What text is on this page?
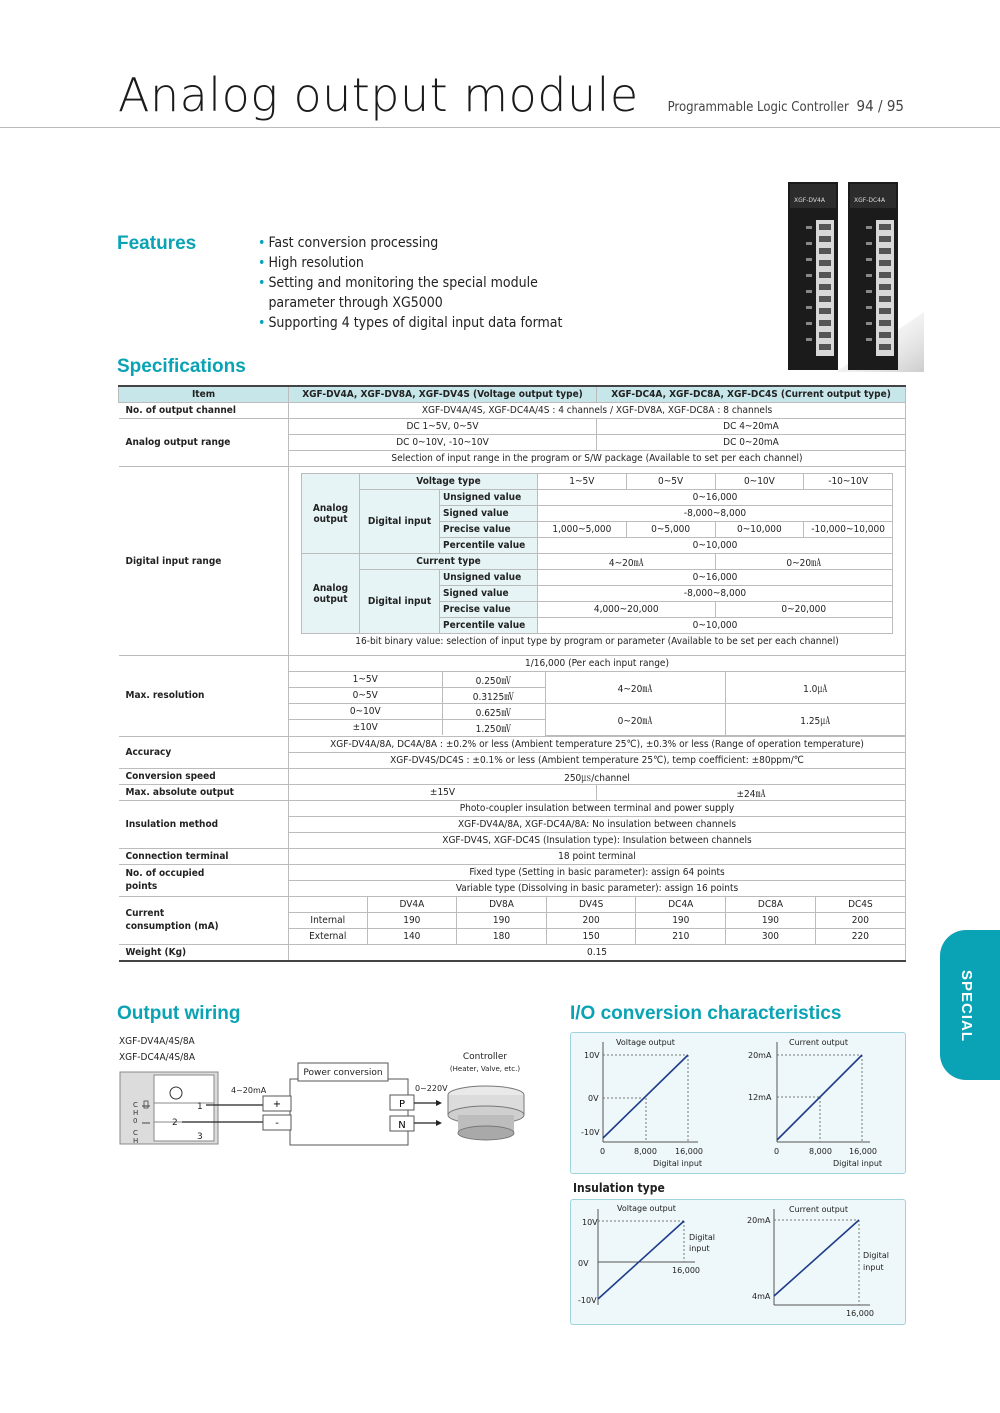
Analog output module Programmable Logic Controller 94 / 95
Features	• Fast conversion processing
• High resolution
• Setting and monitoring the special module
parameter through XG5000
• Supporting 4 types of digital input data format
XGF-DV4A	XGF-DC4A
Specifications
Item	XGF-DV4A, XGF-DV8A, XGF-DV4S (Voltage output type)	XGF-DC4A, XGF-DC8A, XGF-DC4S (Current output type)
No. of output channel	XGF-DV4A/4S, XGF-DC4A/4S : 4 channels / XGF-DV8A, XGF-DC8A : 8 channels
Analog output range	DC 1~5V, 0~5V	DC 4~20mA
DC 0~10V, -10~10V	DC 0~20mA
Selection of input range in the program or S/W package (Available to set per each channel)
Digital input range	
Analog output	Voltage type	1~5V	0~5V	0~10V	-10~10V
Digital input	Unsigned value	0~16,000
Signed value	-8,000~8,000
Precise value	1,000~5,000	0~5,000	0~10,000	-10,000~10,000
Percentile value	0~10,000
Analog output	Current type	4~20㎃	0~20㎃
Digital input	Unsigned value	0~16,000
Signed value	-8,000~8,000
Precise value	4,000~20,000	0~20,000
Percentile value	0~10,000
16-bit binary value: selection of input type by program or parameter (Available to be set per each channel)

Max. resolution	
1/16,000 (Per each input range)
1~5V	0.250㎷	4~20㎃	1.0㎂
0~5V	0.3125㎷
0~10V	0.625㎷	0~20㎃	1.25㎂
±10V	1.250㎷

Accuracy	XGF-DV4A/8A, DC4A/8A : ±0.2% or less (Ambient temperature 25℃), ±0.3% or less (Range of operation temperature)
XGF-DV4S/DC4S : ±0.1% or less (Ambient temperature 25℃), temp coefficient: ±80ppm/℃
Conversion speed	250㎲/channel
Max. absolute output	±15V	±24㎃
Insulation method	Photo-coupler insulation between terminal and power supply
XGF-DV4A/8A, XGF-DC4A/8A: No insulation between channels
XGF-DV4S, XGF-DC4S (Insulation type): Insulation between channels
Connection terminal	18 point terminal
No. of occupied
points	Fixed type (Setting in basic parameter): assign 64 points
Variable type (Dissolving in basic parameter): assign 16 points
Current
consumption (mA)	
	DV4A	DV8A	DV4S	DC4A	DC8A	DC4S
Internal	190	190	200	190	190	200
External	140	180	150	210	300	220

Weight (Kg)	0.15
SPECIAL
Output wiring
XGF-DV4A/4S/8A
XGF-DC4A/4S/8A
C
H
0
C
H
1
2
3
4~20mA
Power conversion
+
-
P
N
0~220V
Controller
(Heater, Valve, etc.)
I/O conversion characteristics
Voltage output
10V
0V
-10V
0	8,000 16,000
Digital input
Current output
20mA
12mA
0	8,000 16,000
Digital input
Insulation type
Voltage output
10V
0V
-10V
16,000
Digital
input
Current output
20mA
4mA
16,000
Digital
input
